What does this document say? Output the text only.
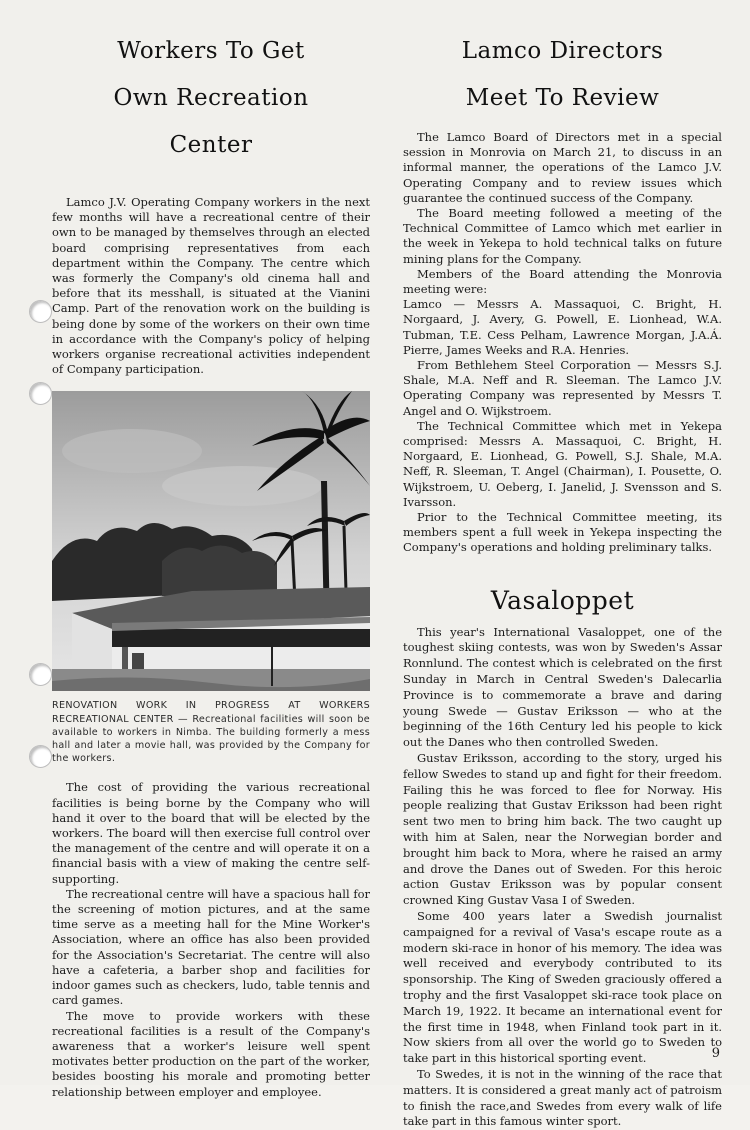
Workers To Get
Own Recreation
Center

Lamco J.V. Operating Company workers in the next few months will have a recreational centre of their own to be managed by themselves through an elected board comprising representatives from each department within the Company. The centre which was formerly the Company's old cinema hall and before that its messhall, is situated at the Vianini Camp. Part of the renovation work on the building is being done by some of the workers on their own time in accordance with the Company's policy of helping workers organise recreational activities independent of Company participation.

RENOVATION WORK IN PROGRESS AT WORKERS RECREATIONAL CENTER — Recreational facilities will soon be available to workers in Nimba. The building formerly a mess hall and later a movie hall, was provided by the Company for the workers.

The cost of providing the various recreational facilities is being borne by the Company who will hand it over to the board that will be elected by the workers. The board will then exercise full control over the management of the centre and will operate it on a financial basis with a view of making the centre self-supporting.

The recreational centre will have a spacious hall for the screening of motion pictures, and at the same time serve as a meeting hall for the Mine Worker's Association, where an office has also been provided for the Association's Secretariat. The centre will also have a cafeteria, a barber shop and facilities for indoor games such as checkers, ludo, table tennis and card games.

The move to provide workers with these recreational facilities is a result of the Company's awareness that a worker's leisure well spent motivates better production on the part of the worker, besides boosting his morale and promoting better relationship between employer and employee.

Lamco Directors
Meet To Review

The Lamco Board of Directors met in a special session in Monrovia on March 21, to discuss in an informal manner, the operations of the Lamco J.V. Operating Company and to review issues which guarantee the continued success of the Company.

The Board meeting followed a meeting of the Technical Committee of Lamco which met earlier in the week in Yekepa to hold technical talks on future mining plans for the Company.

Members of the Board attending the Monrovia meeting were:

Lamco — Messrs A. Massaquoi, C. Bright, H. Norgaard, J. Avery, G. Powell, E. Lionhead, W.A. Tubman, T.E. Cess Pelham, Lawrence Morgan, J.A.Á. Pierre, James Weeks and R.A. Henries.

From Bethlehem Steel Corporation — Messrs S.J. Shale, M.A. Neff and R. Sleeman. The Lamco J.V. Operating Company was represented by Messrs T. Angel and O. Wijkstroem.

The Technical Committee which met in Yekepa comprised: Messrs A. Massaquoi, C. Bright, H. Norgaard, E. Lionhead, G. Powell, S.J. Shale, M.A. Neff, R. Sleeman, T. Angel (Chairman), I. Pousette, O. Wijkstroem, U. Oeberg, I. Janelid, J. Svensson and S. Ivarsson.

Prior to the Technical Committee meeting, its members spent a full week in Yekepa inspecting the Company's operations and holding preliminary talks.

Vasaloppet

This year's International Vasaloppet, one of the toughest skiing contests, was won by Sweden's Assar Ronnlund. The contest which is celebrated on the first Sunday in March in Central Sweden's Dalecarlia Province is to commemorate a brave and daring young Swede — Gustav Eriksson — who at the beginning of the 16th Century led his people to kick out the Danes who then controlled Sweden.

Gustav Eriksson, according to the story, urged his fellow Swedes to stand up and fight for their freedom. Failing this he was forced to flee for Norway. His people realizing that Gustav Eriksson had been right sent two men to bring him back. The two caught up with him at Salen, near the Norwegian border and brought him back to Mora, where he raised an army and drove the Danes out of Sweden. For this heroic action Gustav Eriksson was by popular consent crowned King Gustav Vasa I of Sweden.

Some 400 years later a Swedish journalist campaigned for a revival of Vasa's escape route as a modern ski-race in honor of his memory. The idea was well received and everybody contributed to its sponsorship. The King of Sweden graciously offered a trophy and the first Vasaloppet ski-race took place on March 19, 1922. It became an international event for the first time in 1948, when Finland took part in it. Now skiers from all over the world go to Sweden to take part in this historical sporting event.

To Swedes, it is not in the winning of the race that matters. It is considered a great manly act of patroism to finish the race,and Swedes from every walk of life take part in this famous winter sport.

9
